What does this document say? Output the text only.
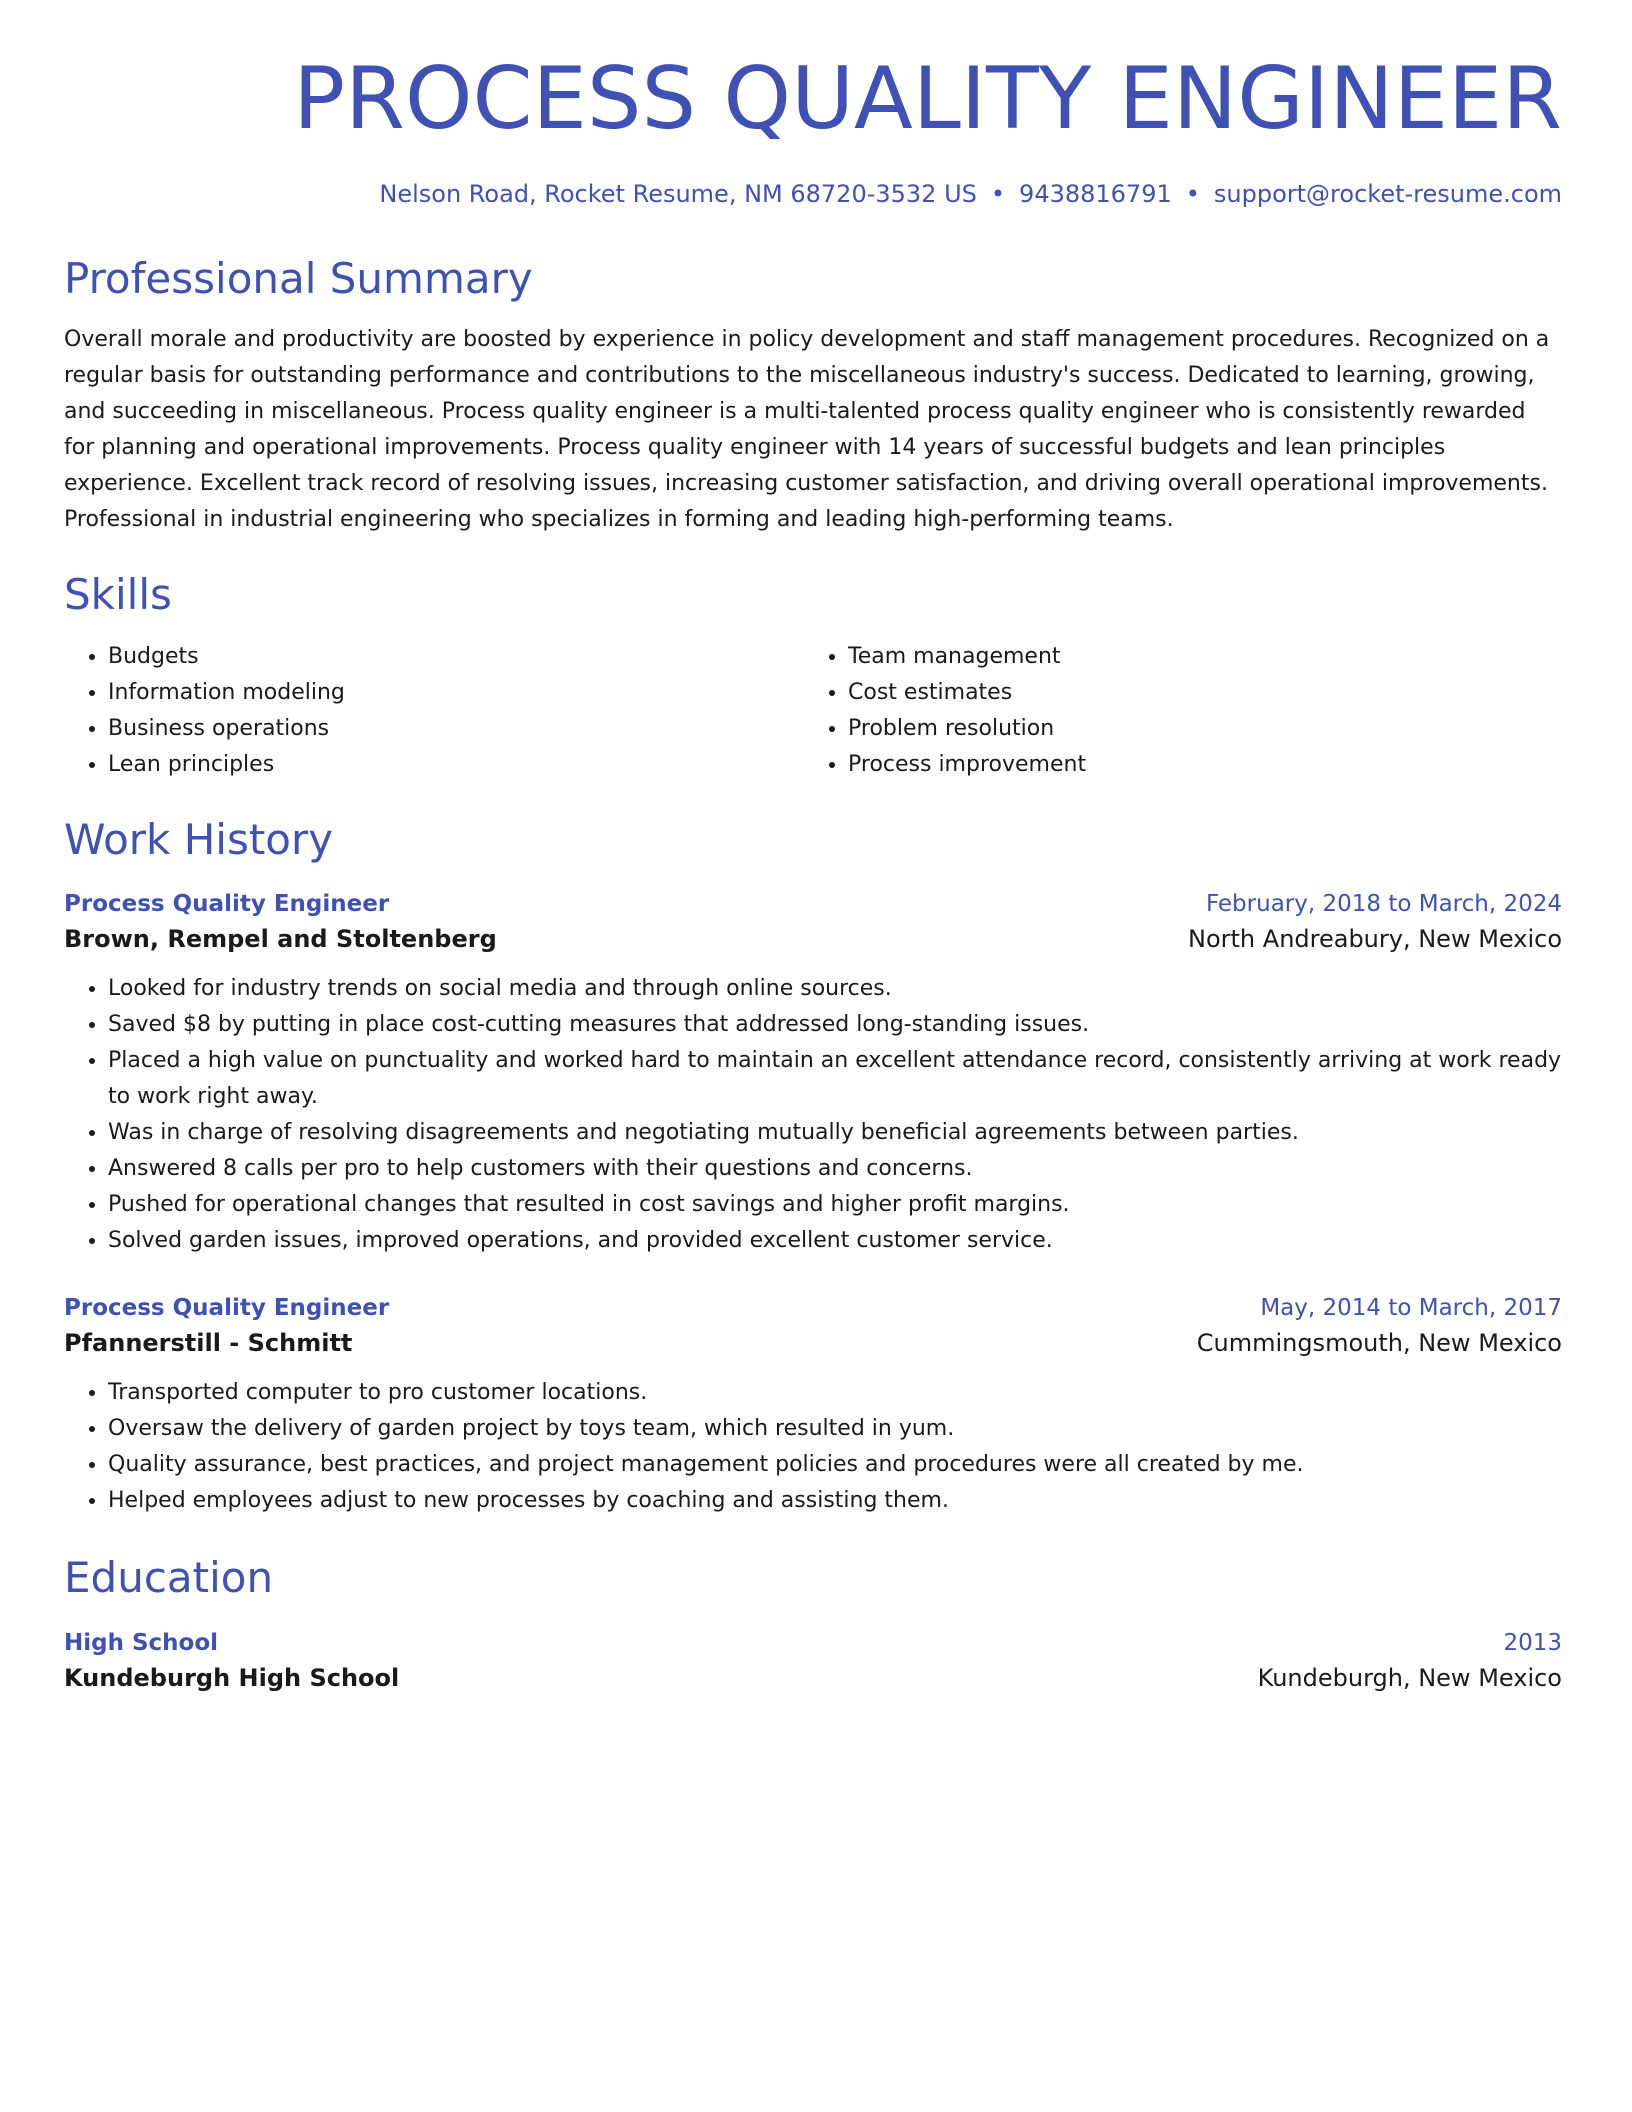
PROCESS QUALITY ENGINEER
Nelson Road, Rocket Resume, NM 68720-3532 US • 9438816791 • support@rocket-resume.com
Professional Summary
Overall morale and productivity are boosted by experience in policy development and staff management procedures. Recognized on a regular basis for outstanding performance and contributions to the miscellaneous industry's success. Dedicated to learning, growing, and succeeding in miscellaneous. Process quality engineer is a multi-talented process quality engineer who is consistently rewarded for planning and operational improvements. Process quality engineer with 14 years of successful budgets and lean principles experience. Excellent track record of resolving issues, increasing customer satisfaction, and driving overall operational improvements. Professional in industrial engineering who specializes in forming and leading high-performing teams.
Skills
• Budgets
• Information modeling
• Business operations
• Lean principles
• Team management
• Cost estimates
• Problem resolution
• Process improvement
Work History
Process Quality Engineer	February, 2018 to March, 2024
Brown, Rempel and Stoltenberg	North Andreabury, New Mexico
• Looked for industry trends on social media and through online sources.
• Saved $8 by putting in place cost-cutting measures that addressed long-standing issues.
• Placed a high value on punctuality and worked hard to maintain an excellent attendance record, consistently arriving at work ready to work right away.
• Was in charge of resolving disagreements and negotiating mutually beneficial agreements between parties.
• Answered 8 calls per pro to help customers with their questions and concerns.
• Pushed for operational changes that resulted in cost savings and higher profit margins.
• Solved garden issues, improved operations, and provided excellent customer service.
Process Quality Engineer	May, 2014 to March, 2017
Pfannerstill - Schmitt	Cummingsmouth, New Mexico
• Transported computer to pro customer locations.
• Oversaw the delivery of garden project by toys team, which resulted in yum.
• Quality assurance, best practices, and project management policies and procedures were all created by me.
• Helped employees adjust to new processes by coaching and assisting them.
Education
High School	2013
Kundeburgh High School	Kundeburgh, New Mexico
